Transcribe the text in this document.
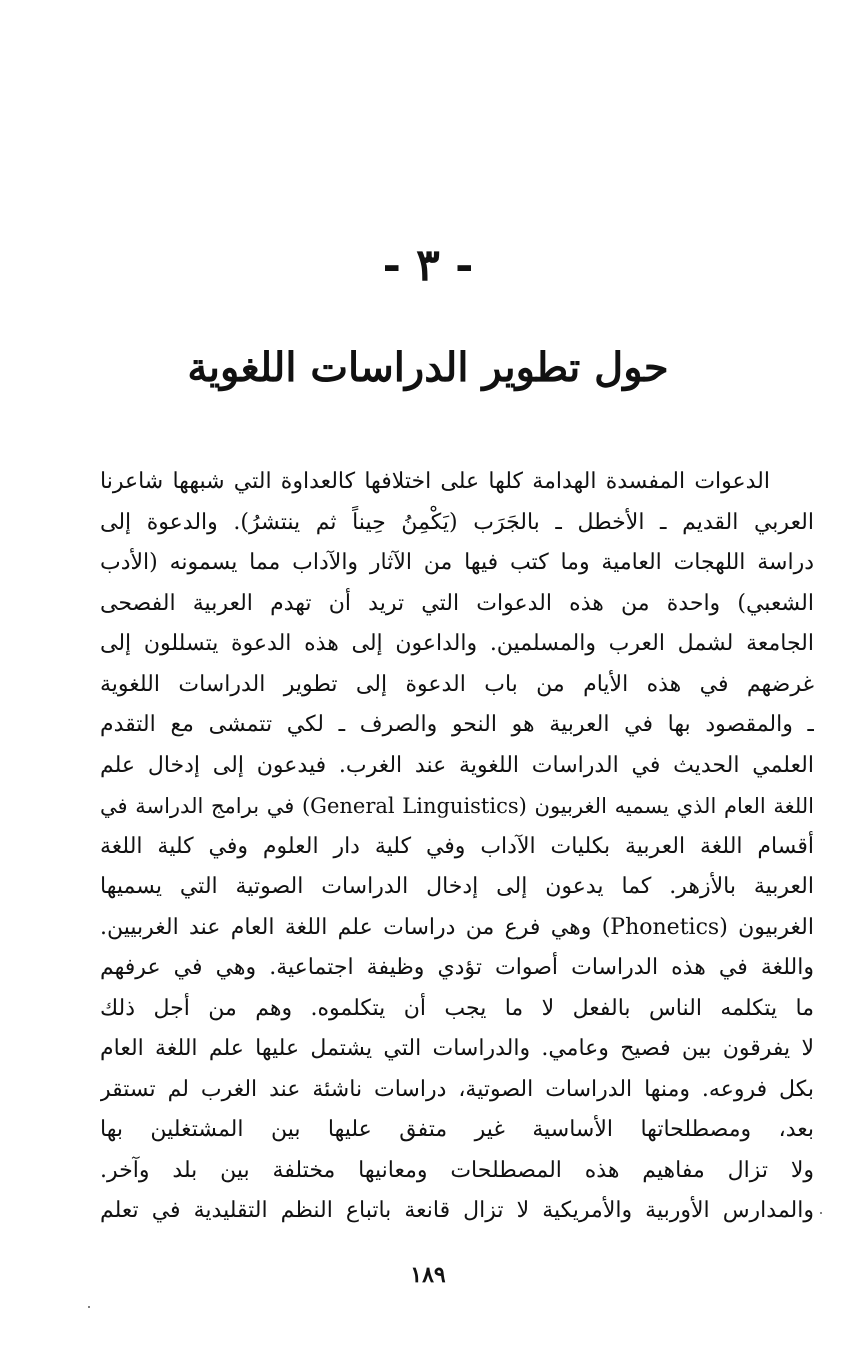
- ٣ -
حول تطوير الدراسات اللغوية
الدعوات المفسدة الهدامة كلها على اختلافها كالعداوة التي شبهها شاعرنا
العربي القديم ـ الأخطل ـ بالجَرَب (يَكْمِنُ حِيناً ثم ينتشرُ). والدعوة إلى
دراسة اللهجات العامية وما كتب فيها من الآثار والآداب مما يسمونه (الأدب
الشعبي) واحدة من هذه الدعوات التي تريد أن تهدم العربية الفصحى
الجامعة لشمل العرب والمسلمين. والداعون إلى هذه الدعوة يتسللون إلى
غرضهم في هذه الأيام من باب الدعوة إلى تطوير الدراسات اللغوية
ـ والمقصود بها في العربية هو النحو والصرف ـ لكي تتمشى مع التقدم
العلمي الحديث في الدراسات اللغوية عند الغرب. فيدعون إلى إدخال علم
اللغة العام الذي يسميه الغربيون (General Linguistics) في برامج الدراسة في
أقسام اللغة العربية بكليات الآداب وفي كلية دار العلوم وفي كلية اللغة
العربية بالأزهر. كما يدعون إلى إدخال الدراسات الصوتية التي يسميها
الغربيون (Phonetics) وهي فرع من دراسات علم اللغة العام عند الغربيين.
واللغة في هذه الدراسات أصوات تؤدي وظيفة اجتماعية. وهي في عرفهم
ما يتكلمه الناس بالفعل لا ما يجب أن يتكلموه. وهم من أجل ذلك
لا يفرقون بين فصيح وعامي. والدراسات التي يشتمل عليها علم اللغة العام
بكل فروعه. ومنها الدراسات الصوتية، دراسات ناشئة عند الغرب لم تستقر
بعد، ومصطلحاتها الأساسية غير متفق عليها بين المشتغلين بها
ولا تزال مفاهيم هذه المصطلحات ومعانيها مختلفة بين بلد وآخر.
والمدارس الأوربية والأمريكية لا تزال قانعة باتباع النظم التقليدية في تعلم
١٨٩
